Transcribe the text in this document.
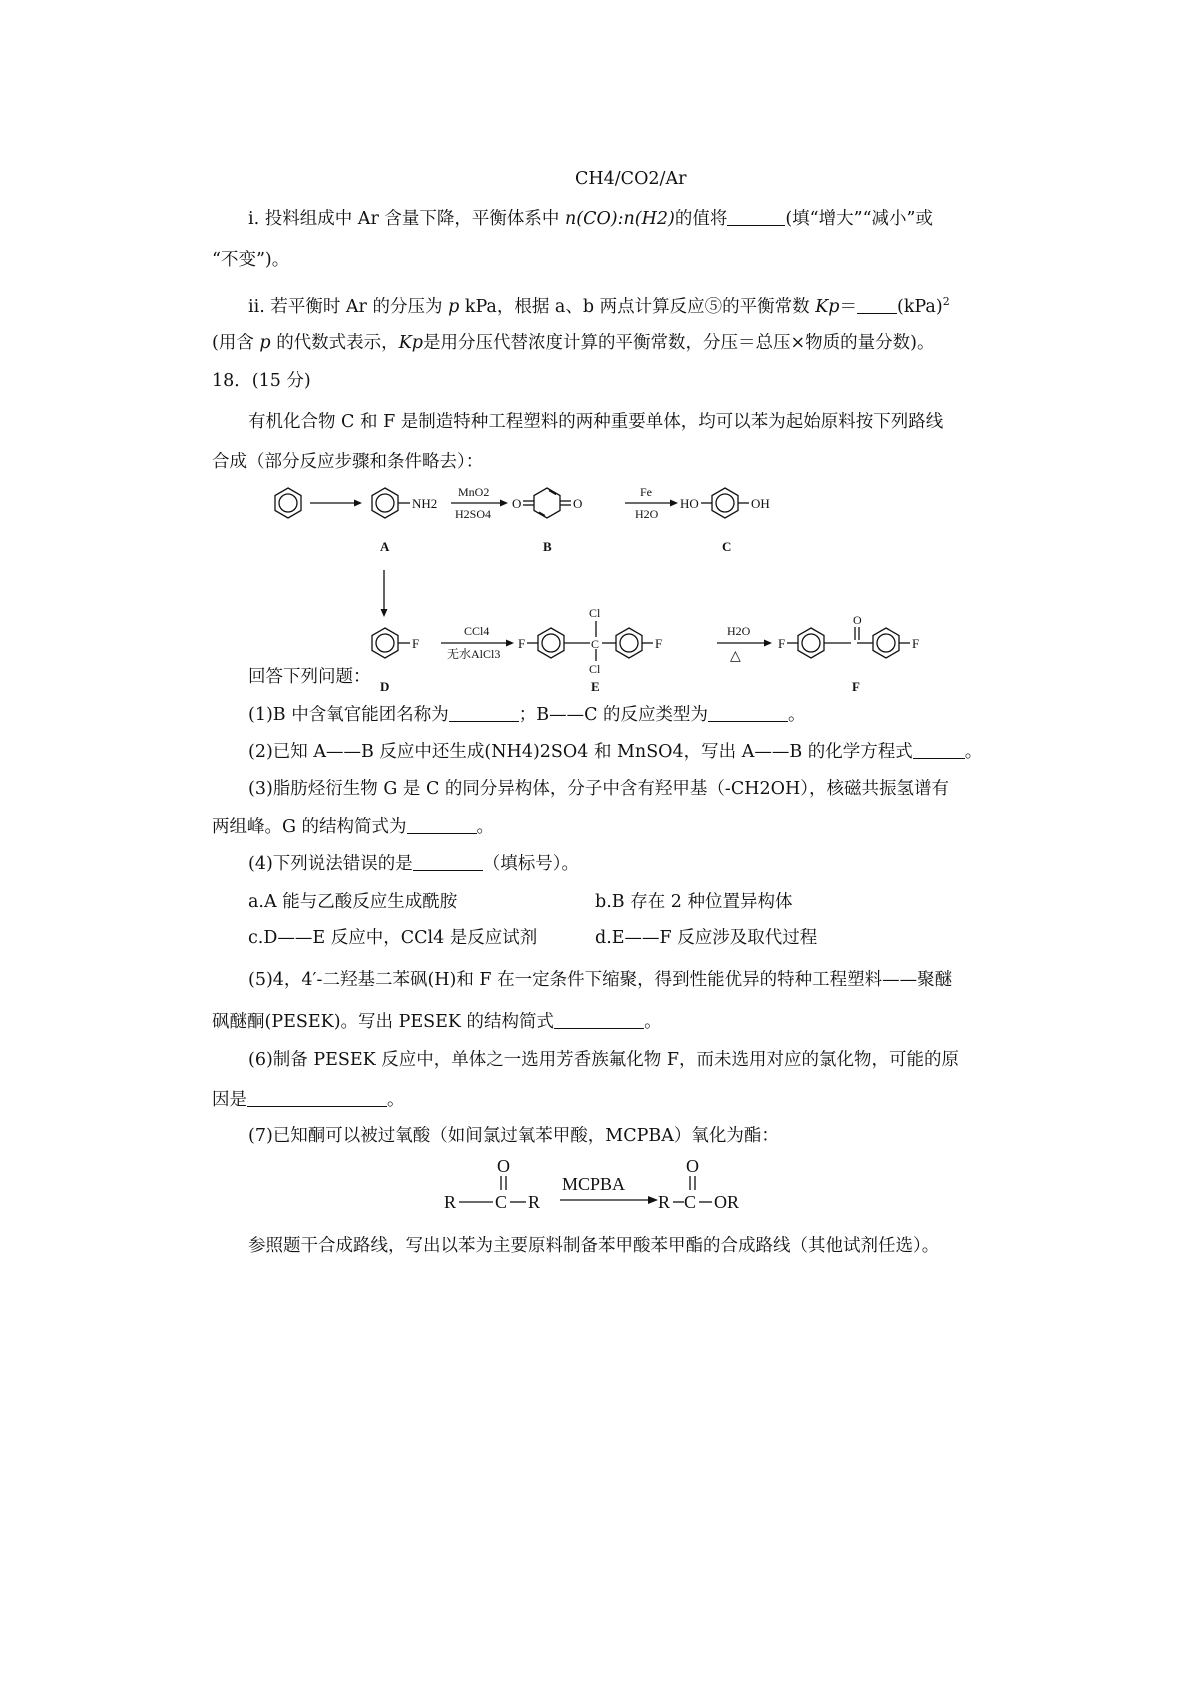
CH4/CO2/Ar
i. 投料组成中 Ar 含量下降，平衡体系中 n(CO):n(H2)的值将	(填“增大”“减小”或
“不变”)。
ii. 若平衡时 Ar 的分压为 p kPa，根据 a、b 两点计算反应⑤的平衡常数 Kp＝ (kPa)$^2$
(用含 p 的代数式表示，Kp是用分压代替浓度计算的平衡常数，分压＝总压×物质的量分数)。
18．(15 分)
有机化合物 C 和 F 是制造特种工程塑料的两种重要单体，均可以苯为起始原料按下列路线
合成（部分反应步骤和条件略去）：
NH2
A
MnO2
H2SO4
O	O
B
Fe
H2O
HO	OH
C
F
D
CCl4
无水AlCl3
F
Cl
C
Cl
F
E
H2O
△
F
O
F
F
回答下列问题：
(1)B 中含氧官能团名称为	；B——C 的反应类型为	。
(2)已知 A——B 反应中还生成(NH4)2SO4 和 MnSO4，写出 A——B 的化学方程式	。
(3)脂肪烃衍生物 G 是 C 的同分异构体，分子中含有羟甲基（-CH2OH），核磁共振氢谱有
两组峰。G 的结构简式为	。
(4)下列说法错误的是	（填标号）。
a.A 能与乙酸反应生成酰胺	b.B 存在 2 种位置异构体
c.D——E 反应中，CCl4 是反应试剂	d.E——F 反应涉及取代过程
(5)4，4′-二羟基二苯砜(H)和 F 在一定条件下缩聚，得到性能优异的特种工程塑料——聚醚
砜醚酮(PESEK)。写出 PESEK 的结构简式	。
(6)制备 PESEK 反应中，单体之一选用芳香族氟化物 F，而未选用对应的氯化物，可能的原
因是	。
(7)已知酮可以被过氧酸（如间氯过氧苯甲酸，MCPBA）氧化为酯：
O
R C R
MCPBA
O
R C OR
参照题干合成路线，写出以苯为主要原料制备苯甲酸苯甲酯的合成路线（其他试剂任选）。
